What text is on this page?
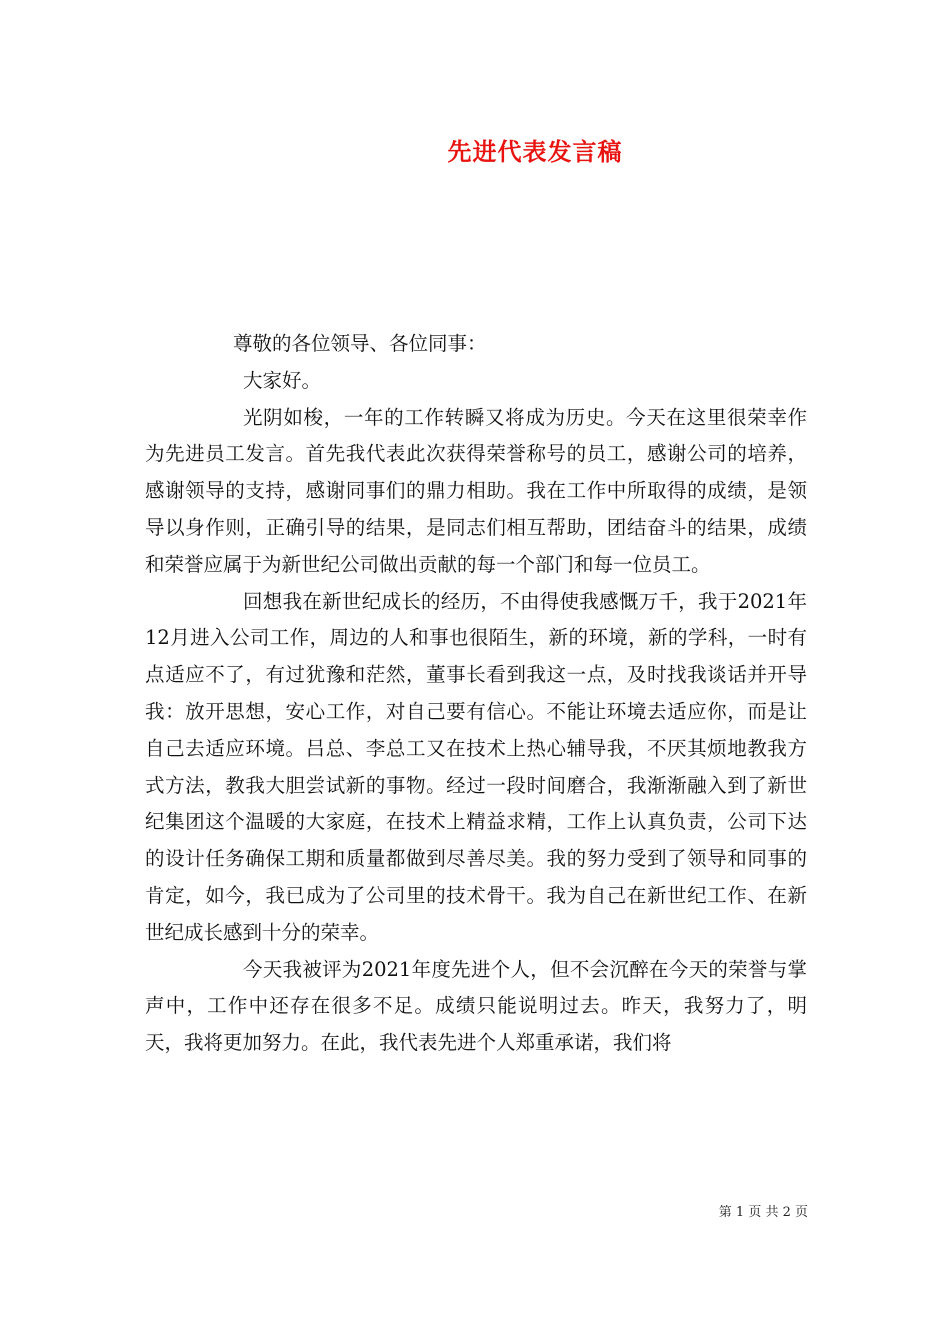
先进代表发言稿

尊敬的各位领导、各位同事：

大家好。

光阴如梭，一年的工作转瞬又将成为历史。今天在这里很荣幸作为先进员工发言。首先我代表此次获得荣誉称号的员工，感谢公司的培养，感谢领导的支持，感谢同事们的鼎力相助。我在工作中所取得的成绩，是领导以身作则，正确引导的结果，是同志们相互帮助，团结奋斗的结果，成绩和荣誉应属于为新世纪公司做出贡献的每一个部门和每一位员工。

回想我在新世纪成长的经历，不由得使我感慨万千，我于2021年12月进入公司工作，周边的人和事也很陌生，新的环境，新的学科，一时有点适应不了，有过犹豫和茫然，董事长看到我这一点，及时找我谈话并开导我：放开思想，安心工作，对自己要有信心。不能让环境去适应你，而是让自己去适应环境。吕总、李总工又在技术上热心辅导我，不厌其烦地教我方式方法，教我大胆尝试新的事物。经过一段时间磨合，我渐渐融入到了新世纪集团这个温暖的大家庭，在技术上精益求精，工作上认真负责，公司下达的设计任务确保工期和质量都做到尽善尽美。我的努力受到了领导和同事的肯定，如今，我已成为了公司里的技术骨干。我为自己在新世纪工作、在新世纪成长感到十分的荣幸。

今天我被评为2021年度先进个人，但不会沉醉在今天的荣誉与掌声中，工作中还存在很多不足。成绩只能说明过去。昨天，我努力了，明天，我将更加努力。在此，我代表先进个人郑重承诺，我们将

第 1 页 共 2 页
